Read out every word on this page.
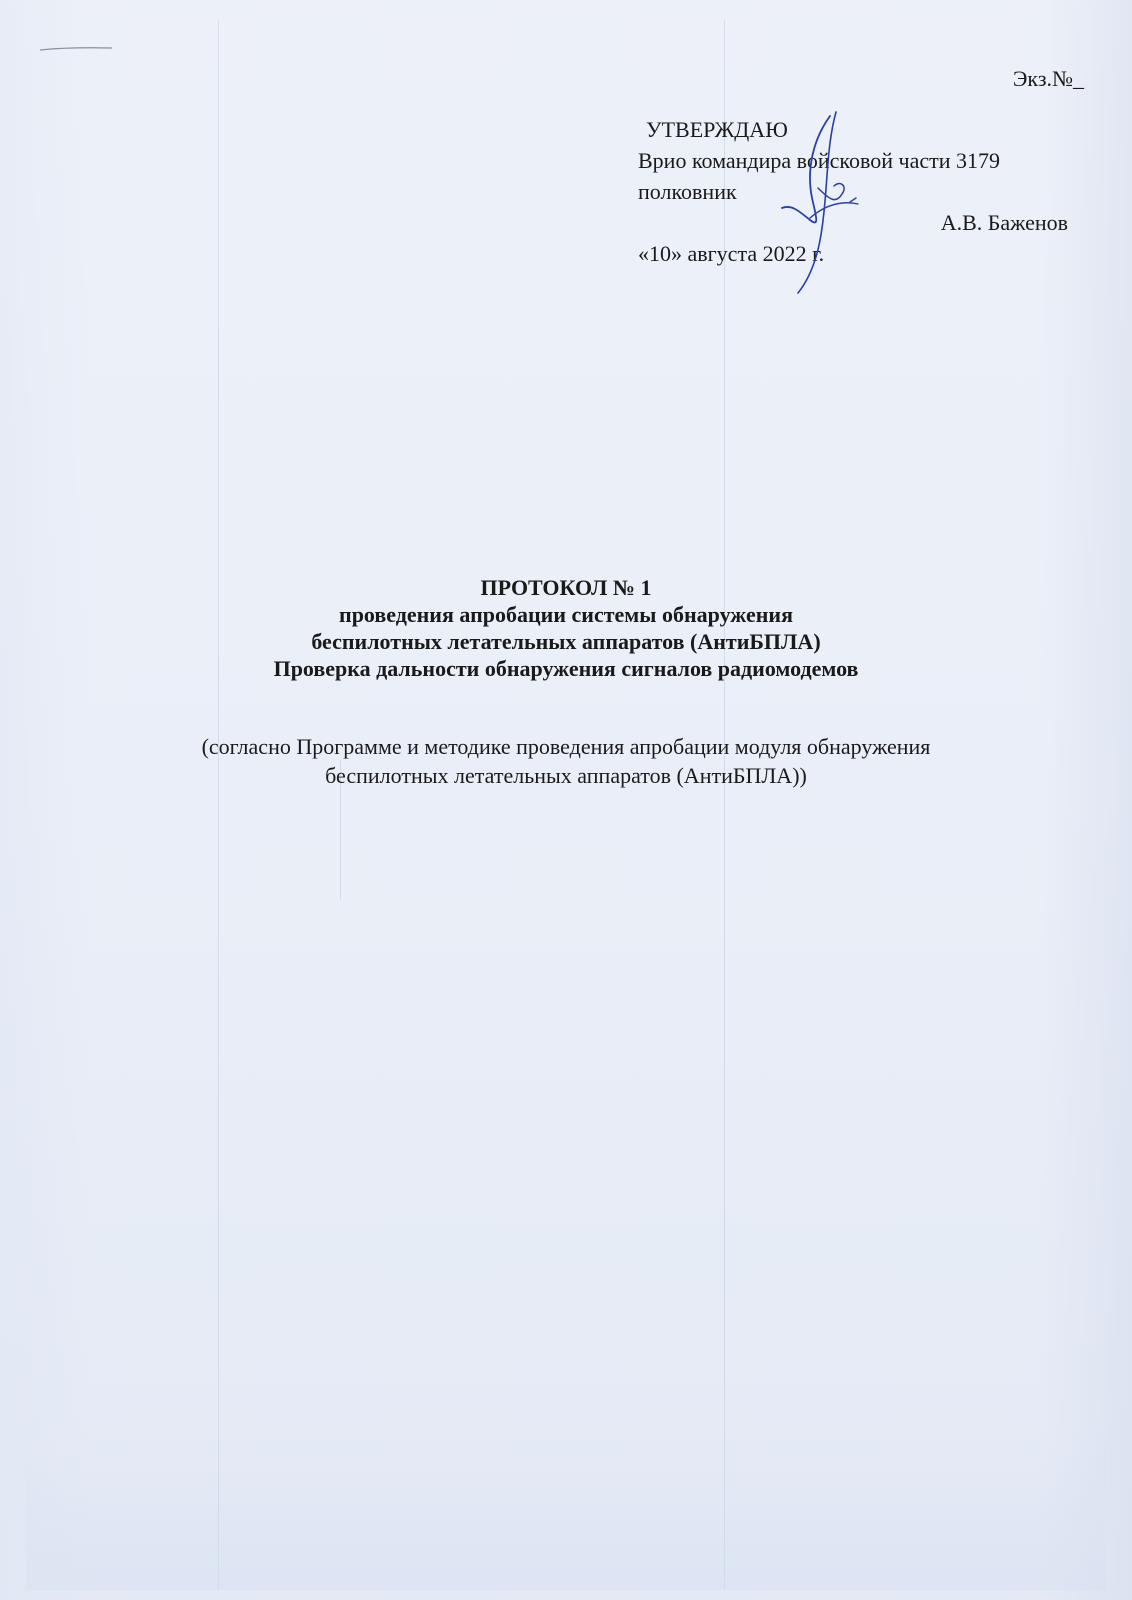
Экз.№_
УТВЕРЖДАЮ
Врио командира войсковой части 3179
полковник
А.В. Баженов
«10» августа 2022 г.
ПРОТОКОЛ № 1
проведения апробации системы обнаружения
беспилотных летательных аппаратов (АнтиБПЛА)
Проверка дальности обнаружения сигналов радиомодемов
(согласно Программе и методике проведения апробации модуля обнаружения
беспилотных летательных аппаратов (АнтиБПЛА))
